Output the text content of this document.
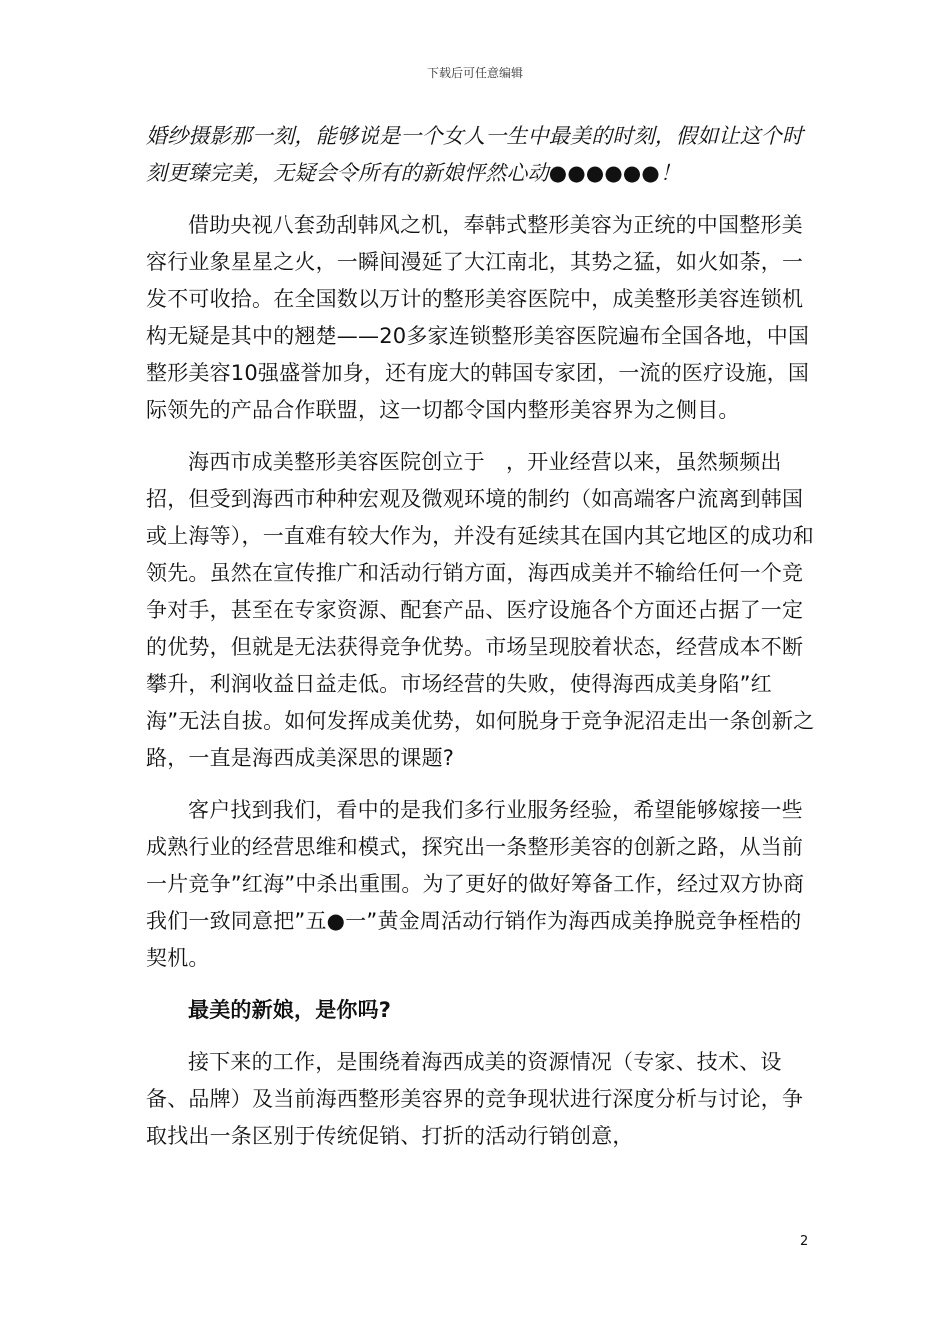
下载后可任意编辑

婚纱摄影那一刻，能够说是一个女人一生中最美的时刻，假如让这个时刻更臻完美，无疑会令所有的新娘怦然心动●●●●●●！

借助央视八套劲刮韩风之机，奉韩式整形美容为正统的中国整形美容行业象星星之火，一瞬间漫延了大江南北，其势之猛，如火如荼，一发不可收拾。在全国数以万计的整形美容医院中，成美整形美容连锁机构无疑是其中的翘楚——20多家连锁整形美容医院遍布全国各地，中国整形美容10强盛誉加身，还有庞大的韩国专家团，一流的医疗设施，国际领先的产品合作联盟，这一切都令国内整形美容界为之侧目。

海西市成美整形美容医院创立于　，开业经营以来，虽然频频出招，但受到海西市种种宏观及微观环境的制约（如高端客户流离到韩国或上海等），一直难有较大作为，并没有延续其在国内其它地区的成功和领先。虽然在宣传推广和活动行销方面，海西成美并不输给任何一个竞争对手，甚至在专家资源、配套产品、医疗设施各个方面还占据了一定的优势，但就是无法获得竞争优势。市场呈现胶着状态，经营成本不断攀升，利润收益日益走低。市场经营的失败，使得海西成美身陷”红海”无法自拔。如何发挥成美优势，如何脱身于竞争泥沼走出一条创新之路，一直是海西成美深思的课题?

客户找到我们，看中的是我们多行业服务经验，希望能够嫁接一些成熟行业的经营思维和模式，探究出一条整形美容的创新之路，从当前一片竞争”红海”中杀出重围。为了更好的做好筹备工作，经过双方协商我们一致同意把”五●一”黄金周活动行销作为海西成美挣脱竞争桎梏的契机。

最美的新娘，是你吗?

接下来的工作，是围绕着海西成美的资源情况（专家、技术、设备、品牌）及当前海西整形美容界的竞争现状进行深度分析与讨论，争取找出一条区别于传统促销、打折的活动行销创意，

2
